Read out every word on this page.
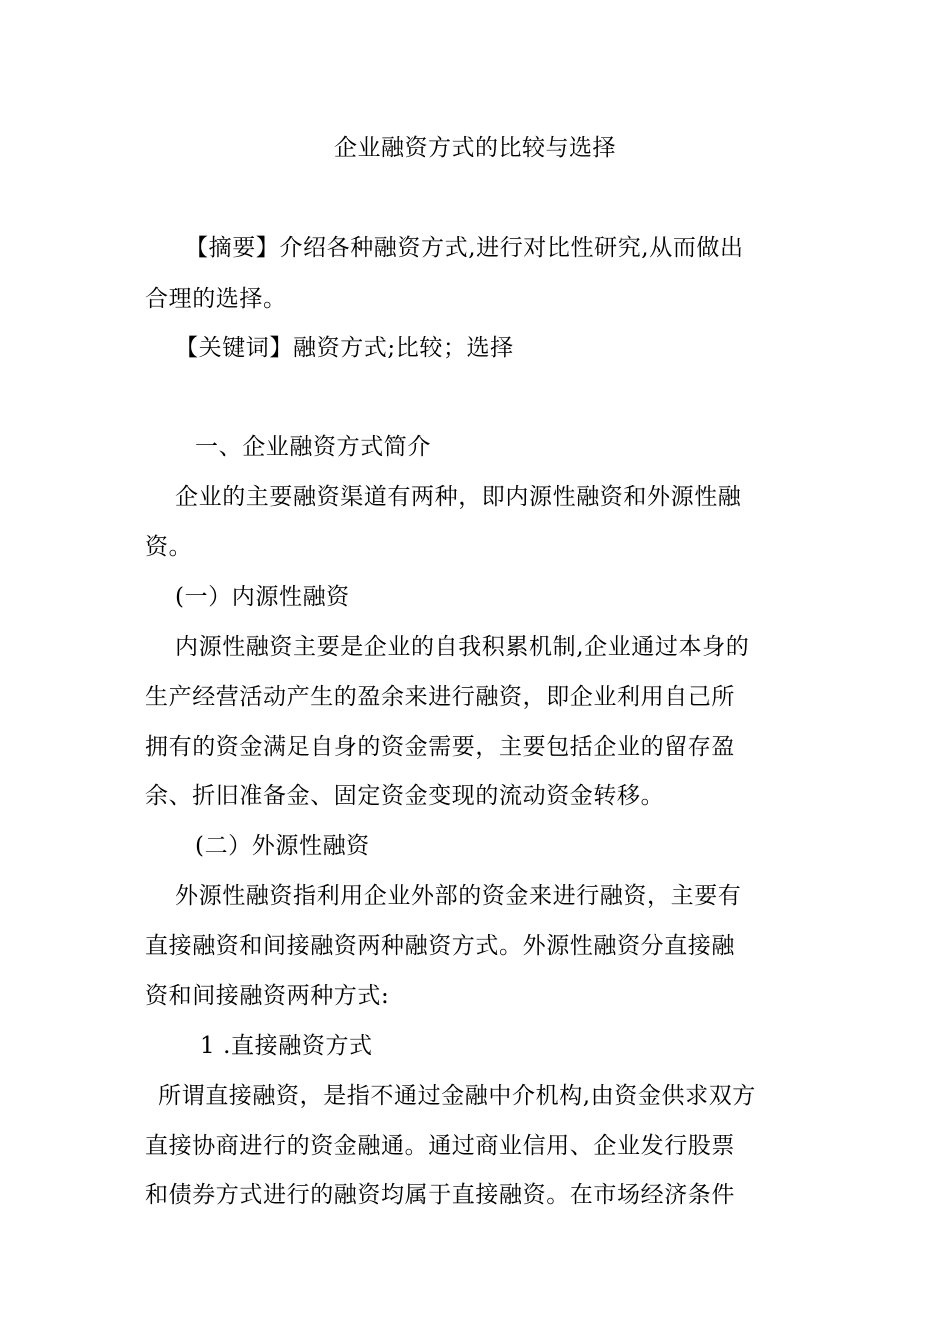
企业融资方式的比较与选择
【摘要】介绍各种融资方式,进行对比性研究,从而做出
合理的选择。
【关键词】融资方式;比较；选择
一、企业融资方式简介
企业的主要融资渠道有两种，即内源性融资和外源性融
资。
(一）内源性融资
内源性融资主要是企业的自我积累机制,企业通过本身的
生产经营活动产生的盈余来进行融资，即企业利用自己所
拥有的资金满足自身的资金需要，主要包括企业的留存盈
余、折旧准备金、固定资金变现的流动资金转移。
(二）外源性融资
外源性融资指利用企业外部的资金来进行融资，主要有
直接融资和间接融资两种融资方式。外源性融资分直接融
资和间接融资两种方式:
1 .直接融资方式
所谓直接融资，是指不通过金融中介机构,由资金供求双方
直接协商进行的资金融通。通过商业信用、企业发行股票
和债券方式进行的融资均属于直接融资。在市场经济条件
